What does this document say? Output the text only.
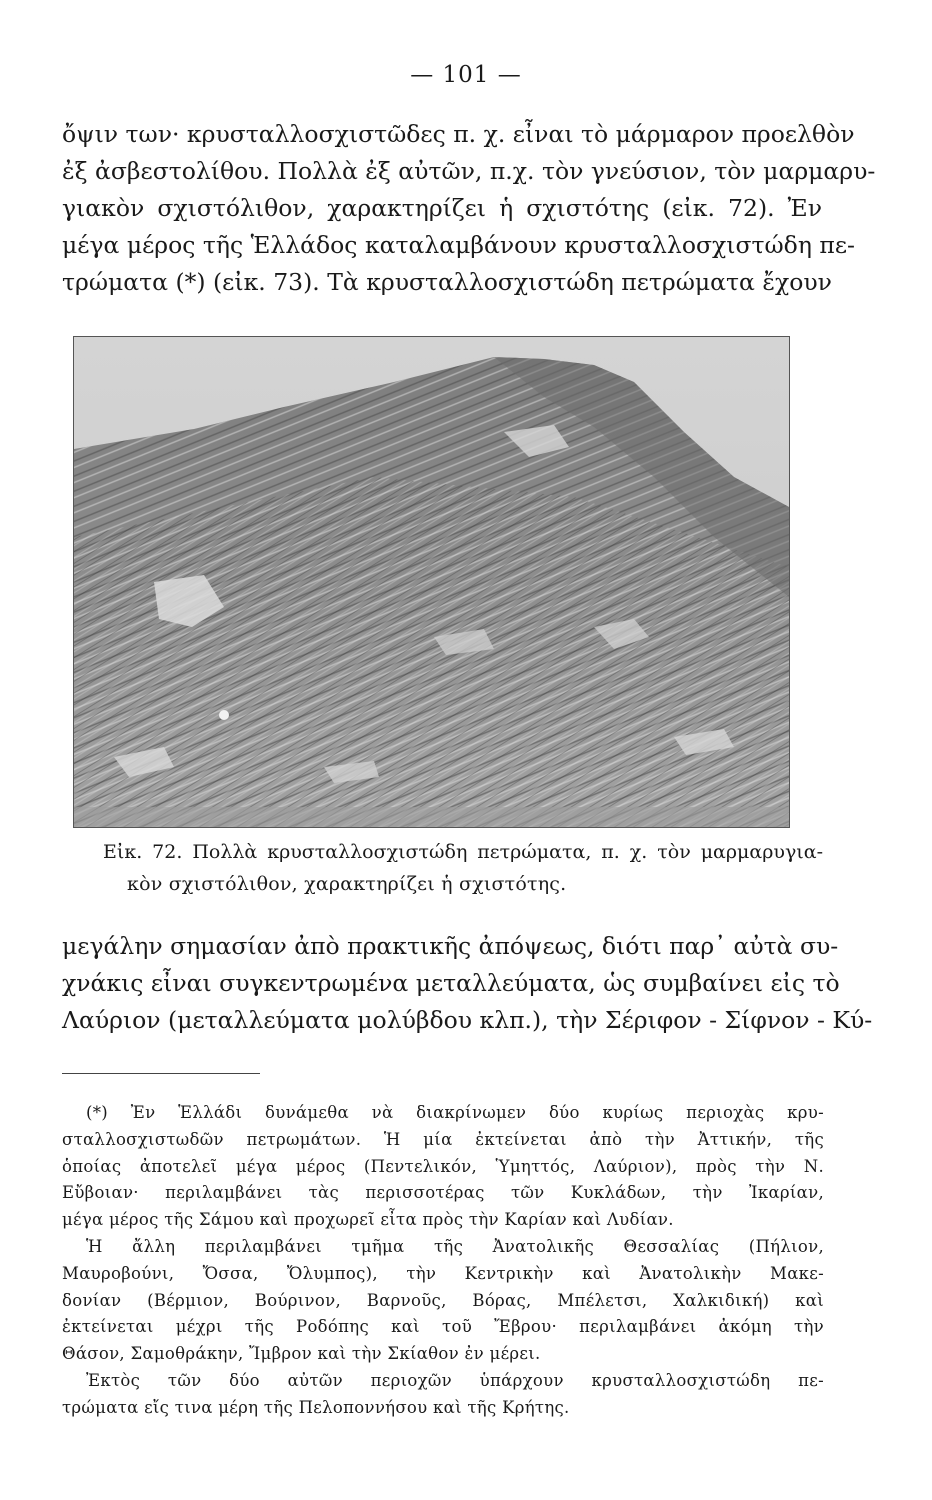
— 101 —
ὄψιν των· κρυσταλλοσχιστῶδες π. χ. εἶναι τὸ μάρμαρον προελθὸν
ἐξ ἀσβεστολίθου. Πολλὰ ἐξ αὐτῶν, π.χ. τὸν γνεύσιον, τὸν μαρμαρυ-
γιακὸν σχιστόλιθον, χαρακτηρίζει ἡ σχιστότης (εἰκ. 72). Ἐν
μέγα μέρος τῆς Ἑλλάδος καταλαμβάνουν κρυσταλλοσχιστώδη πε-
τρώματα (*) (εἰκ. 73). Τὰ κρυσταλλοσχιστώδη πετρώματα ἔχουν
Εἰκ. 72. Πολλὰ κρυσταλλοσχιστώδη πετρώματα, π. χ. τὸν μαρμαρυγια-
κὸν σχιστόλιθον, χαρακτηρίζει ἡ σχιστότης.
μεγάλην σημασίαν ἀπὸ πρακτικῆς ἀπόψεως, διότι παρ᾽ αὐτὰ συ-
χνάκις εἶναι συγκεντρωμένα μεταλλεύματα, ὡς συμβαίνει εἰς τὸ
Λαύριον (μεταλλεύματα μολύβδου κλπ.), τὴν Σέριφον - Σίφνον - Κύ-
(*) Ἐν Ἑλλάδι δυνάμεθα νὰ διακρίνωμεν δύο κυρίως περιοχὰς κρυ-
σταλλοσχιστωδῶν πετρωμάτων. Ἡ μία ἐκτείνεται ἀπὸ τὴν Ἀττικήν, τῆς
ὁποίας ἀποτελεῖ μέγα μέρος (Πεντελικόν, Ὑμηττός, Λαύριον), πρὸς τὴν Ν.
Εὔβοιαν· περιλαμβάνει τὰς περισσοτέρας τῶν Κυκλάδων, τὴν Ἰκαρίαν,
μέγα μέρος τῆς Σάμου καὶ προχωρεῖ εἶτα πρὸς τὴν Καρίαν καὶ Λυδίαν.
Ἡ ἄλλη περιλαμβάνει τμῆμα τῆς Ἀνατολικῆς Θεσσαλίας (Πήλιον,
Μαυροβούνι, Ὄσσα, Ὄλυμπος), τὴν Κεντρικὴν καὶ Ἀνατολικὴν Μακε-
δονίαν (Βέρμιον, Βούρινον, Βαρνοῦς, Βόρας, Μπέλετσι, Χαλκιδική) καὶ
ἐκτείνεται μέχρι τῆς Ροδόπης καὶ τοῦ Ἔβρου· περιλαμβάνει ἀκόμη τὴν
Θάσον, Σαμοθράκην, Ἴμβρον καὶ τὴν Σκίαθον ἐν μέρει.
Ἐκτὸς τῶν δύο αὐτῶν περιοχῶν ὑπάρχουν κρυσταλλοσχιστώδη πε-
τρώματα εἴς τινα μέρη τῆς Πελοποννήσου καὶ τῆς Κρήτης.
